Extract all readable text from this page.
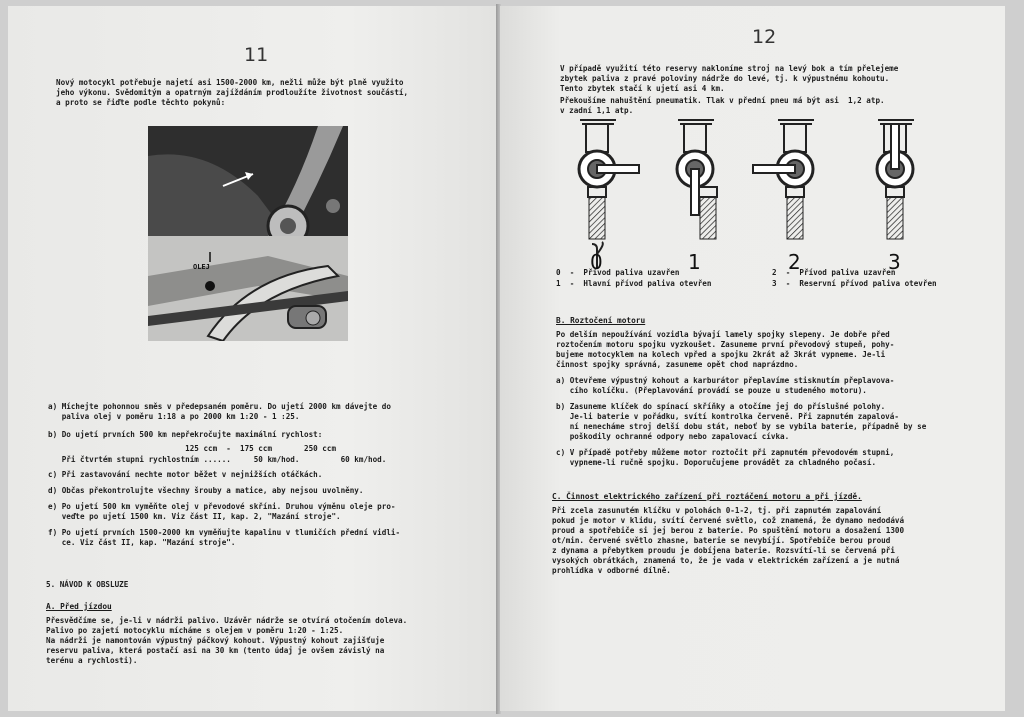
11
Nový motocykl potřebuje najetí asi 1500-2000 km, nežli může být plně využito
jeho výkonu. Svědomitým a opatrným zajíždáním prodloužíte životnost součástí,
a proto se řiďte podle těchto pokynů:
OLEJ
a) Míchejte pohonnou směs v předepsaném poměru. Do ujetí 2000 km dávejte do
paliva olej v poměru 1:18 a po 2000 km 1:20 - 1 :25.
b) Do ujetí prvních 500 km nepřekročujte maximální rychlost:
125 ccm  -  175 ccm       250 ccm
Při čtvrtém stupni rychlostním ......     50 km/hod.         60 km/hod.
c) Při zastavování nechte motor běžet v nejnižších otáčkách.
d) Občas překontrolujte všechny šrouby a matice, aby nejsou uvolněny.
e) Po ujetí 500 km vyměňte olej v převodové skříni. Druhou výměnu oleje pro-
veďte po ujetí 1500 km. Viz část II, kap. 2, "Mazání stroje".
f) Po ujetí prvních 1500-2000 km vyměňujte kapalinu v tlumičích přední vidli-
ce. Viz část II, kap. "Mazání stroje".
5. NÁVOD K OBSLUZE
A. Před jízdou
Přesvědčíme se, je-li v nádrži palivo. Uzávěr nádrže se otvírá otočením doleva.
Palivo po zajetí motocyklu mícháme s olejem v poměru 1:20 - 1:25.
Na nádrži je namontován výpustný páčkový kohout. Výpustný kohout zajišťuje
reservu paliva, která postačí asi na 30 km (tento údaj je ovšem závislý na
terénu a rychlosti).
12
V případě využití této reservy nakloníme stroj na levý bok a tím přelejeme
zbytek paliva z pravé poloviny nádrže do levé, tj. k výpustnému kohoutu.
Tento zbytek stačí k ujetí asi 4 km.
Překoušíme nahuštění pneumatik. Tlak v přední pneu má být asi  1,2 atp.
v zadní 1,1 atp.
0	1	2	3
0  -  Přívod paliva uzavřen
1  -  Hlavní přívod paliva otevřen
2  -  Přívod paliva uzavřen
3  -  Reservní přívod paliva otevřen
B. Roztočení motoru
Po delším nepoužívání vozidla bývají lamely spojky slepeny. Je dobře před
roztočením motoru spojku vyzkoušet. Zasuneme první převodový stupeň, pohy-
bujeme motocyklem na kolech vpřed a spojku 2krát až 3krát vypneme. Je-li
činnost spojky správná, zasuneme opět chod naprázdno.
a) Otevřeme výpustný kohout a karburátor přeplavíme stisknutím přeplavova-
cího kolíčku. (Přeplavování provádí se pouze u studeného motoru).
b) Zasuneme klíček do spínací skříňky a otočíme jej do příslušné polohy.
Je-li baterie v pořádku, svítí kontrolka červeně. Při zapnutém zapalová-
ní nenecháme stroj delší dobu stát, neboť by se vybila baterie, případně by se
poškodily ochranné odpory nebo zapalovací cívka.
c) V případě potřeby můžeme motor roztočit při zapnutém převodovém stupni,
vypneme-li ručně spojku. Doporučujeme provádět za chladného počasí.
C. Činnost elektrického zařízení při roztáčení motoru a při jízdě.
Při zcela zasunutém klíčku v polohách 0-1-2, tj. při zapnutém zapalování
pokud je motor v klidu, svítí červené světlo, což znamená, že dynamo nedodává
proud a spotřebiče si jej berou z baterie. Po spuštění motoru a dosažení 1300
ot/min. červené světlo zhasne, baterie se nevybíjí. Spotřebiče berou proud
z dynama a přebytkem proudu je dobíjena baterie. Rozsvítí-li se červená při
vysokých obrátkách, znamená to, že je vada v elektrickém zařízení a je nutná
prohlídka v odborné dílně.
